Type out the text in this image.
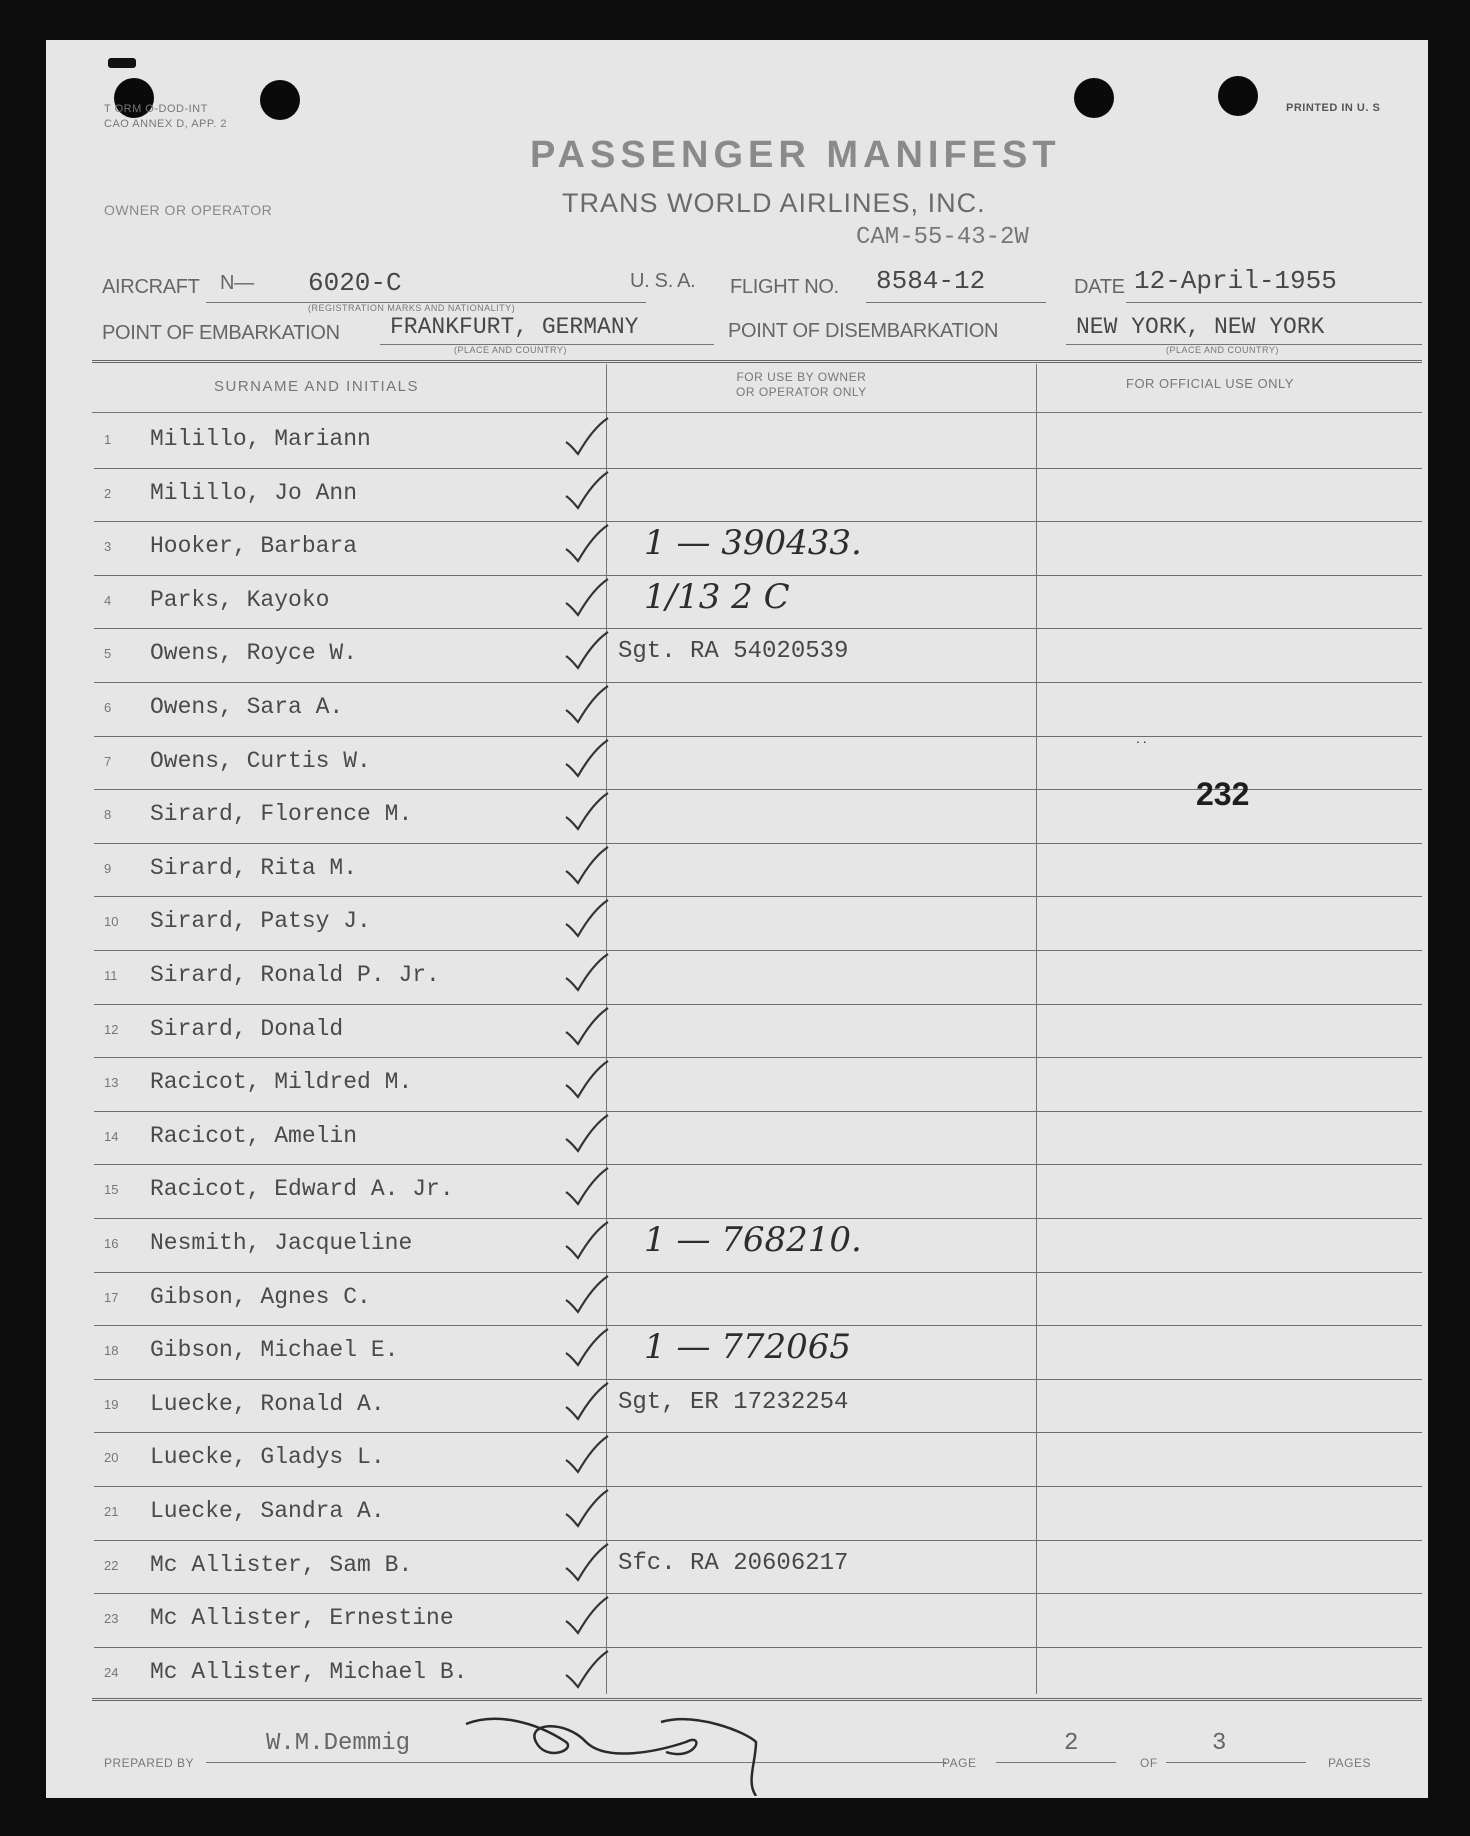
T ORM O-DOD-INT
CAO ANNEX D, APP. 2
PRINTED IN U. S
PASSENGER MANIFEST
TRANS WORLD AIRLINES, INC.
OWNER OR OPERATOR
CAM-55-43-2W
AIRCRAFT N— 6020-C
(REGISTRATION MARKS AND NATIONALITY)
U. S. A. FLIGHT NO. 8584-12	DATE 12-April-1955
POINT OF EMBARKATION FRANKFURT, GERMANY
(PLACE AND COUNTRY)
POINT OF DISEMBARKATION	NEW YORK, NEW YORK
(PLACE AND COUNTRY)
SURNAME AND INITIALS
FOR USE BY OWNER
OR OPERATOR ONLY
FOR OFFICIAL USE ONLY
1	Milillo, Mariann
2	Milillo, Jo Ann
3	Hooker, Barbara	1 — 390433.
4	Parks, Kayoko	1/13 2 C
5	Owens, Royce W.	Sgt. RA 54020539
6	Owens, Sara A.
7	Owens, Curtis W.
8	Sirard, Florence M.
9	Sirard, Rita M.
10	Sirard, Patsy J.
11	Sirard, Ronald P. Jr.
12	Sirard, Donald
13	Racicot, Mildred M.
14	Racicot, Amelin
15	Racicot, Edward A. Jr.
16	Nesmith, Jacqueline	1 — 768210.
17	Gibson, Agnes C.
18	Gibson, Michael E.	1 — 772065
19	Luecke, Ronald A.	Sgt, ER 17232254
20	Luecke, Gladys L.
21	Luecke, Sandra A.
22	Mc Allister, Sam B.	Sfc. RA 20606217
23	Mc Allister, Ernestine
24	Mc Allister, Michael B.
232
. .
PREPARED BY
W.M.Demmig
PAGE
2
OF
3
PAGES
